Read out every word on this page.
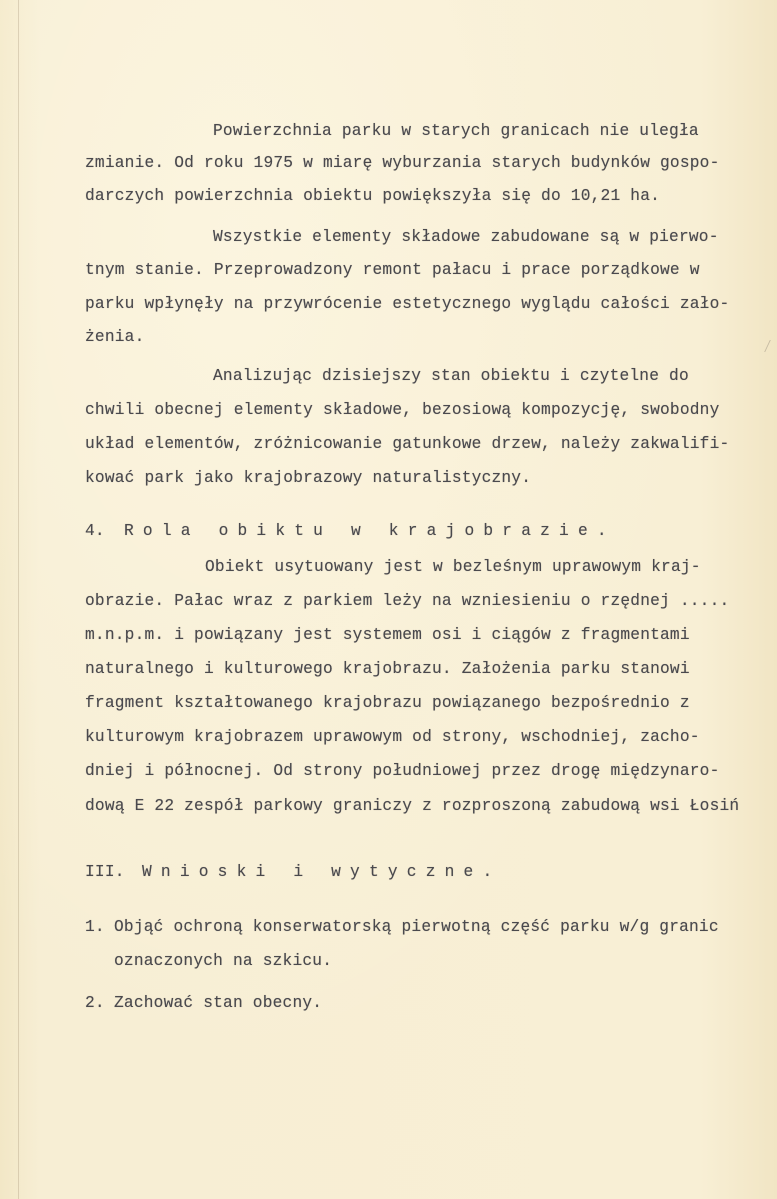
Powierzchnia parku w starych granicach nie uległa
zmianie. Od roku 1975 w miarę wyburzania starych budynków gospo-
darczych powierzchnia obiektu powiększyła się do 10,21 ha.
Wszystkie elementy składowe zabudowane są w pierwo-
tnym stanie. Przeprowadzony remont pałacu i prace porządkowe w
parku wpłynęły na przywrócenie estetycznego wyglądu całości zało-
żenia.
Analizując dzisiejszy stan obiektu i czytelne do
chwili obecnej elementy składowe, bezosiową kompozycję, swobodny
układ elementów, zróżnicowanie gatunkowe drzew, należy zakwalifi-
kować park jako krajobrazowy naturalistyczny.
4. Rola obiktu w krajobrazie.
Obiekt usytuowany jest w bezleśnym uprawowym kraj-
obrazie. Pałac wraz z parkiem leży na wzniesieniu o rzędnej .....
m.n.p.m. i powiązany jest systemem osi i ciągów z fragmentami
naturalnego i kulturowego krajobrazu. Założenia parku stanowi
fragment kształtowanego krajobrazu powiązanego bezpośrednio z
kulturowym krajobrazem uprawowym od strony, wschodniej, zacho-
dniej i północnej. Od strony południowej przez drogę międzynaro-
dową E 22 zespół parkowy graniczy z rozproszoną zabudową wsi Łosiń
III. Wnioski i wytyczne.
1. Objąć ochroną konserwatorską pierwotną część parku w/g granic
oznaczonych na szkicu.
2. Zachować stan obecny.
